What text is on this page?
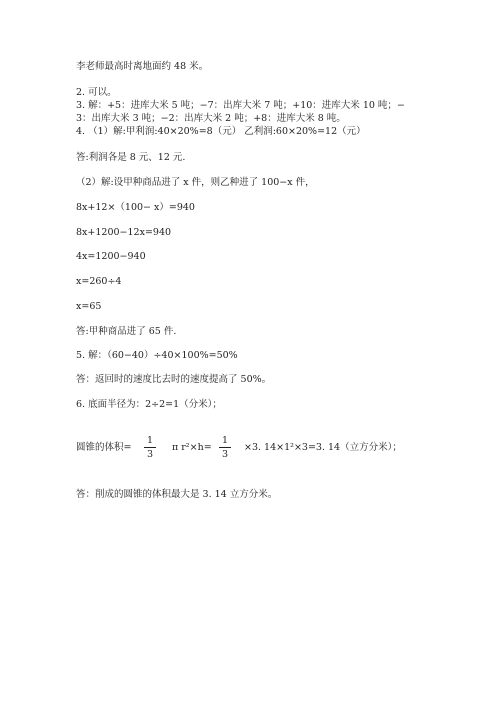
李老师最高时离地面约 48 米。
2. 可以。
3. 解：+5：进库大米 5 吨；−7：出库大米 7 吨；+10：进库大米 10 吨；−
3：出库大米 3 吨；−2：出库大米 2 吨；+8：进库大米 8 吨。
4. （1）解:甲利润:40×20%=8（元） 乙利润:60×20%=12（元）
答:利润各是 8 元、12 元.
（2）解:设甲种商品进了 x 件，则乙种进了 100−x 件，
8x+12×（100− x）=940
8x+1200−12x=940
4x=1200−940
x=260÷4
x=65
答:甲种商品进了 65 件.
5. 解：（60−40）÷40×100%=50%
答：返回时的速度比去时的速度提高了 50%。
6. 底面半径为：2÷2=1（分米）；
圆锥的体积=
1
3
π r²×h=
1
3
×3. 14×1²×3=3. 14（立方分米）；
答：削成的圆锥的体积最大是 3. 14 立方分米。
